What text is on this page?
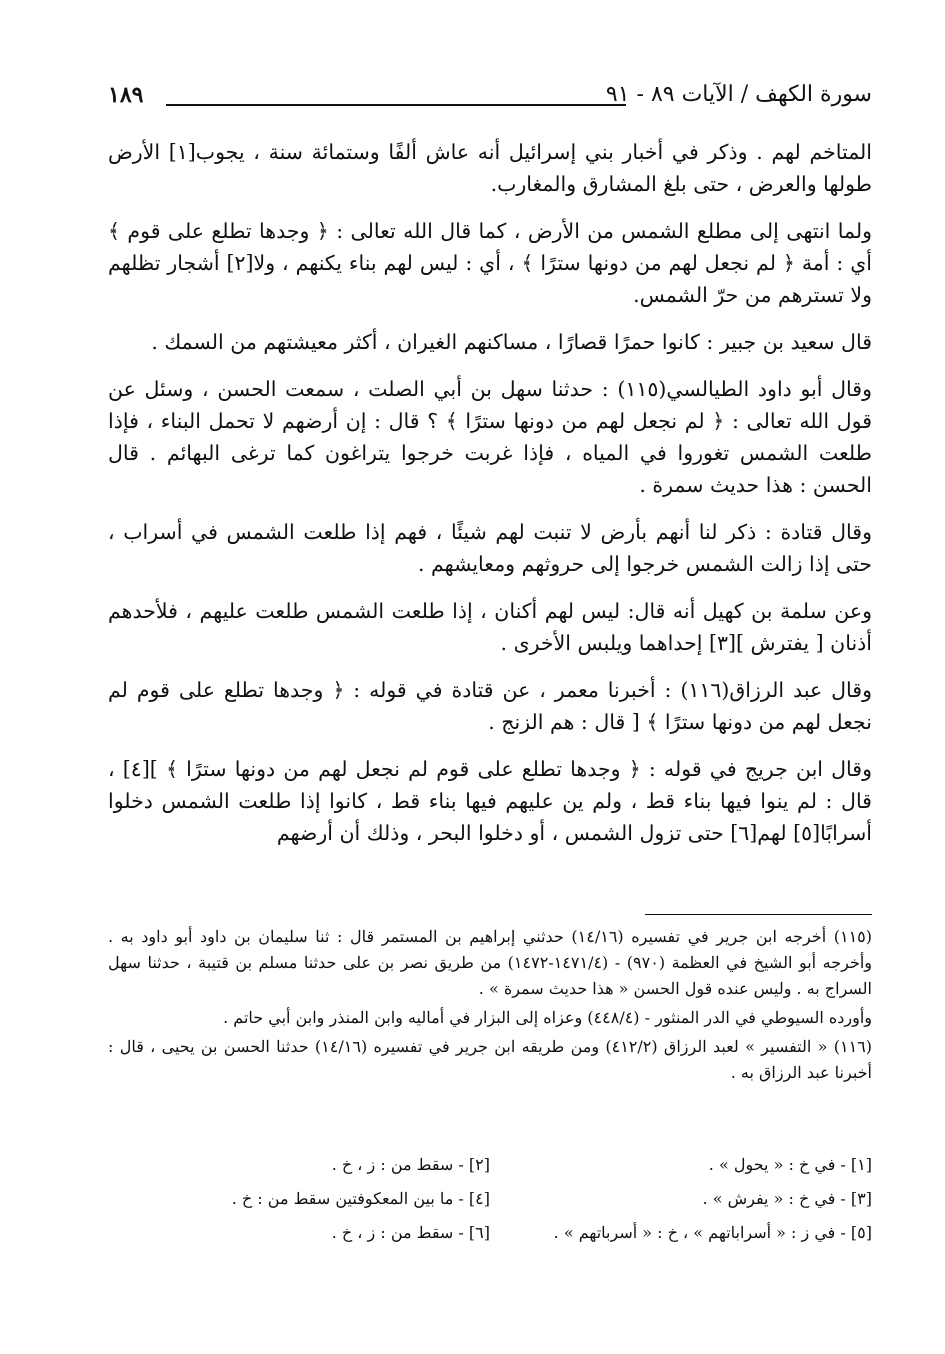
١٨٩	سورة الكهف / الآيات ٨٩ - ٩١

المتاخم لهم . وذكر في أخبار بني إسرائيل أنه عاش ألفًا وستمائة سنة ، يجوب[١] الأرض طولها والعرض ، حتى بلغ المشارق والمغارب.

ولما انتهى إلى مطلع الشمس من الأرض ، كما قال الله تعالى : ﴿ وجدها تطلع على قوم ﴾ أي : أمة ﴿ لم نجعل لهم من دونها سترًا ﴾ ، أي : ليس لهم بناء يكنهم ، ولا[٢] أشجار تظلهم ولا تسترهم من حرّ الشمس.

قال سعيد بن جبير : كانوا حمرًا قصارًا ، مساكنهم الغيران ، أكثر معيشتهم من السمك .

وقال أبو داود الطيالسي(١١٥) : حدثنا سهل بن أبي الصلت ، سمعت الحسن ، وسئل عن قول الله تعالى : ﴿ لم نجعل لهم من دونها سترًا ﴾ ؟ قال : إن أرضهم لا تحمل البناء ، فإذا طلعت الشمس تغوروا في المياه ، فإذا غربت خرجوا يتراغون كما ترغى البهائم . قال الحسن : هذا حديث سمرة .

وقال قتادة : ذكر لنا أنهم بأرض لا تنبت لهم شيئًا ، فهم إذا طلعت الشمس في أسراب ، حتى إذا زالت الشمس خرجوا إلى حروثهم ومعايشهم .

وعن سلمة بن كهيل أنه قال: ليس لهم أكنان ، إذا طلعت الشمس طلعت عليهم ، فلأحدهم أذنان [ يفترش ][٣] إحداهما ويلبس الأخرى .

وقال عبد الرزاق(١١٦) : أخبرنا معمر ، عن قتادة في قوله : ﴿ وجدها تطلع على قوم لم نجعل لهم من دونها سترًا ﴾ [ قال : هم الزنج .

وقال ابن جريج في قوله : ﴿ وجدها تطلع على قوم لم نجعل لهم من دونها سترًا ﴾ ][٤] ، قال : لم ينوا فيها بناء قط ، ولم ين عليهم فيها بناء قط ، كانوا إذا طلعت الشمس دخلوا أسرابًا[٥] لهم[٦] حتى تزول الشمس ، أو دخلوا البحر ، وذلك أن أرضهم

(١١٥) أخرجه ابن جرير في تفسيره (١٤/١٦) حدثني إبراهيم بن المستمر قال : ثنا سليمان بن داود أبو داود به . وأخرجه أبو الشيخ في العظمة (٩٧٠) - (١٤٧١/٤-١٤٧٢) من طريق نصر بن على حدثنا مسلم بن قتيبة ، حدثنا سهل السراج به . وليس عنده قول الحسن « هذا حديث سمرة » .

وأورده السيوطي في الدر المنثور - (٤٤٨/٤) وعزاه إلى البزار في أماليه وابن المنذر وابن أبي حاتم .

(١١٦) « التفسير » لعبد الرزاق (٤١٢/٢) ومن طريقه ابن جرير في تفسيره (١٤/١٦) حدثنا الحسن بن يحيى ، قال : أخبرنا عبد الرزاق به .

[١] - في خ : « يحول » .
[٢] - سقط من : ز ، خ .
[٣] - في خ : « يفرش » .
[٤] - ما بين المعكوفتين سقط من : خ .
[٥] - في ز : « أسراباتهم » ، خ : « أسرباتهم » .
[٦] - سقط من : ز ، خ .
